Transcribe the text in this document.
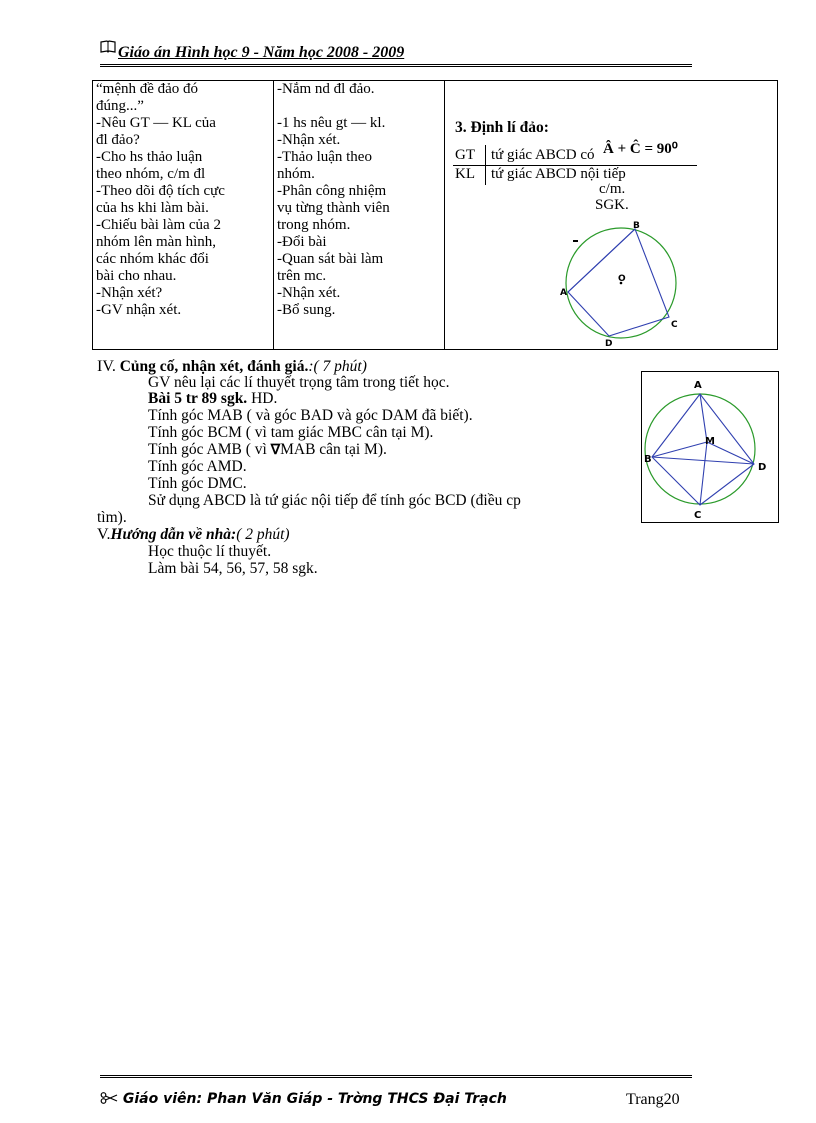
Giáo án Hình học 9 - Năm học 2008 - 2009
“mệnh đề đảo đó
đúng...”
-Nêu GT — KL của
đl đảo?
-Cho hs thảo luận
theo nhóm, c/m đl
-Theo dõi độ tích cực
của hs khi làm bài.
-Chiếu bài làm của 2
nhóm lên màn hình,
các nhóm khác đổi
bài cho nhau.
-Nhận xét?
-GV nhận xét.

-Nắm nd đl đảo.

-1 hs nêu gt — kl.
-Nhận xét.
-Thảo luận theo
nhóm.
-Phân công nhiệm
vụ từng thành viên
trong nhóm.
-Đổi bài
-Quan sát bài làm
trên mc.
-Nhận xét.
-Bổ sung.

3. Định lí đảo:
GT tứ giác ABCD có Â + Ĉ = 90⁰
KL tứ giác ABCD nội tiếp
c/m.
SGK.
A
B
C
D
O
IV. Củng cố, nhận xét, đánh giá.:( 7 phút)
GV nêu lại các lí thuyết trọng tâm trong tiết học.
Bài 5 tr 89 sgk. HD.
Tính góc MAB ( và góc BAD và góc DAM đã biết).
Tính góc BCM ( vì tam giác MBC cân tại M).
Tính góc AMB ( vì ∇MAB cân tại M).
Tính góc AMD.
Tính góc DMC.
Sử dụng ABCD là tứ giác nội tiếp để tính góc BCD (điều cp
tìm).
A
B
C
D
M
V.Hướng dẫn về nhà:( 2 phút)
Học thuộc lí thuyết.
Làm bài 54, 56, 57, 58 sgk.
Giáo viên: Phan Văn Giáp - Trờng THCS Đại Trạch	Trang20
